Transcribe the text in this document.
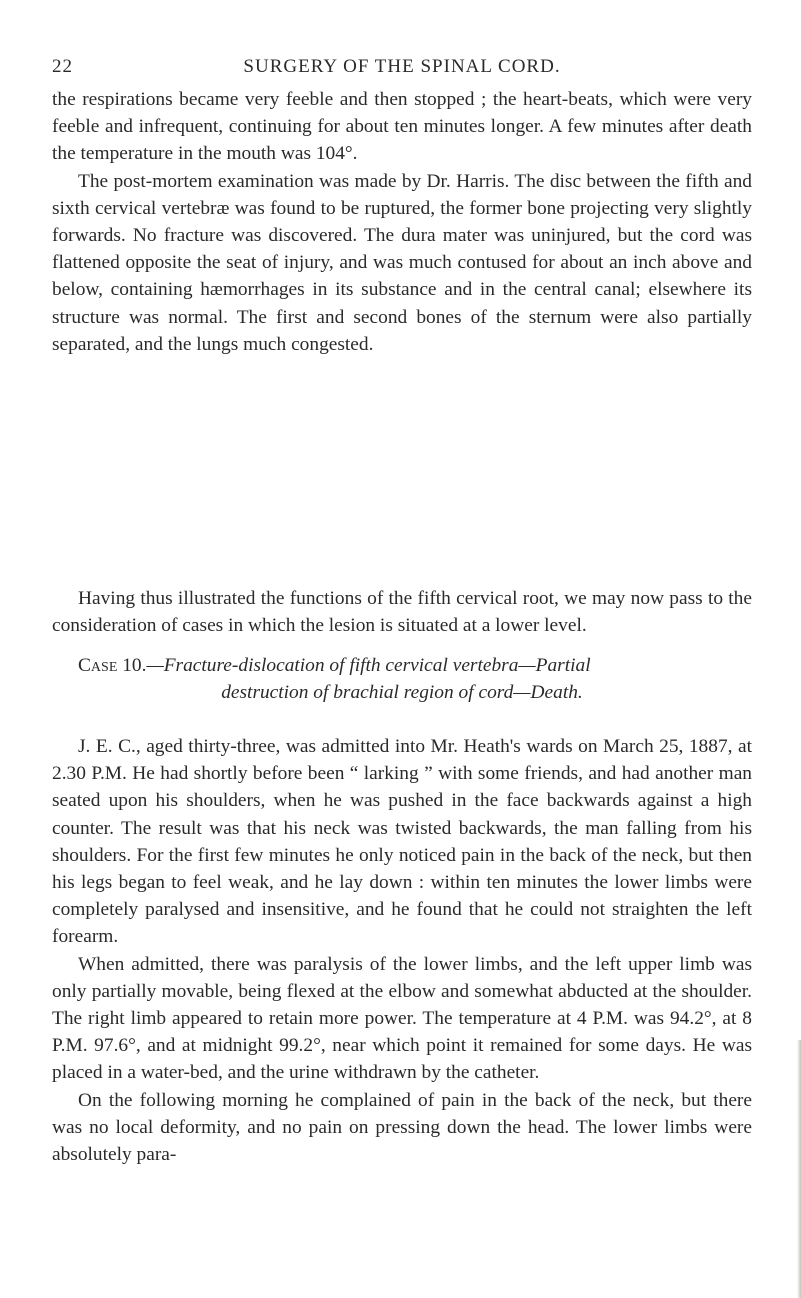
22	SURGERY OF THE SPINAL CORD.

the respirations became very feeble and then stopped ; the heart-beats, which were very feeble and infrequent, continuing for about ten minutes longer. A few minutes after death the temperature in the mouth was 104°.

The post-mortem examination was made by Dr. Harris. The disc between the fifth and sixth cervical vertebræ was found to be ruptured, the former bone projecting very slightly forwards. No fracture was discovered. The dura mater was uninjured, but the cord was flattened opposite the seat of injury, and was much contused for about an inch above and below, containing hæmorrhages in its substance and in the central canal; elsewhere its structure was normal. The first and second bones of the sternum were also partially separated, and the lungs much congested.

Having thus illustrated the functions of the fifth cervical root, we may now pass to the consideration of cases in which the lesion is situated at a lower level.

Case 10.—Fracture-dislocation of fifth cervical vertebra—Partial
destruction of brachial region of cord—Death.

J. E. C., aged thirty-three, was admitted into Mr. Heath's wards on March 25, 1887, at 2.30 P.M. He had shortly before been “ larking ” with some friends, and had another man seated upon his shoulders, when he was pushed in the face backwards against a high counter. The result was that his neck was twisted backwards, the man falling from his shoulders. For the first few minutes he only noticed pain in the back of the neck, but then his legs began to feel weak, and he lay down : within ten minutes the lower limbs were completely paralysed and insensitive, and he found that he could not straighten the left forearm.

When admitted, there was paralysis of the lower limbs, and the left upper limb was only partially movable, being flexed at the elbow and somewhat abducted at the shoulder. The right limb appeared to retain more power. The temperature at 4 P.M. was 94.2°, at 8 P.M. 97.6°, and at midnight 99.2°, near which point it remained for some days. He was placed in a water-bed, and the urine withdrawn by the catheter.

On the following morning he complained of pain in the back of the neck, but there was no local deformity, and no pain on pressing down the head. The lower limbs were absolutely para-
